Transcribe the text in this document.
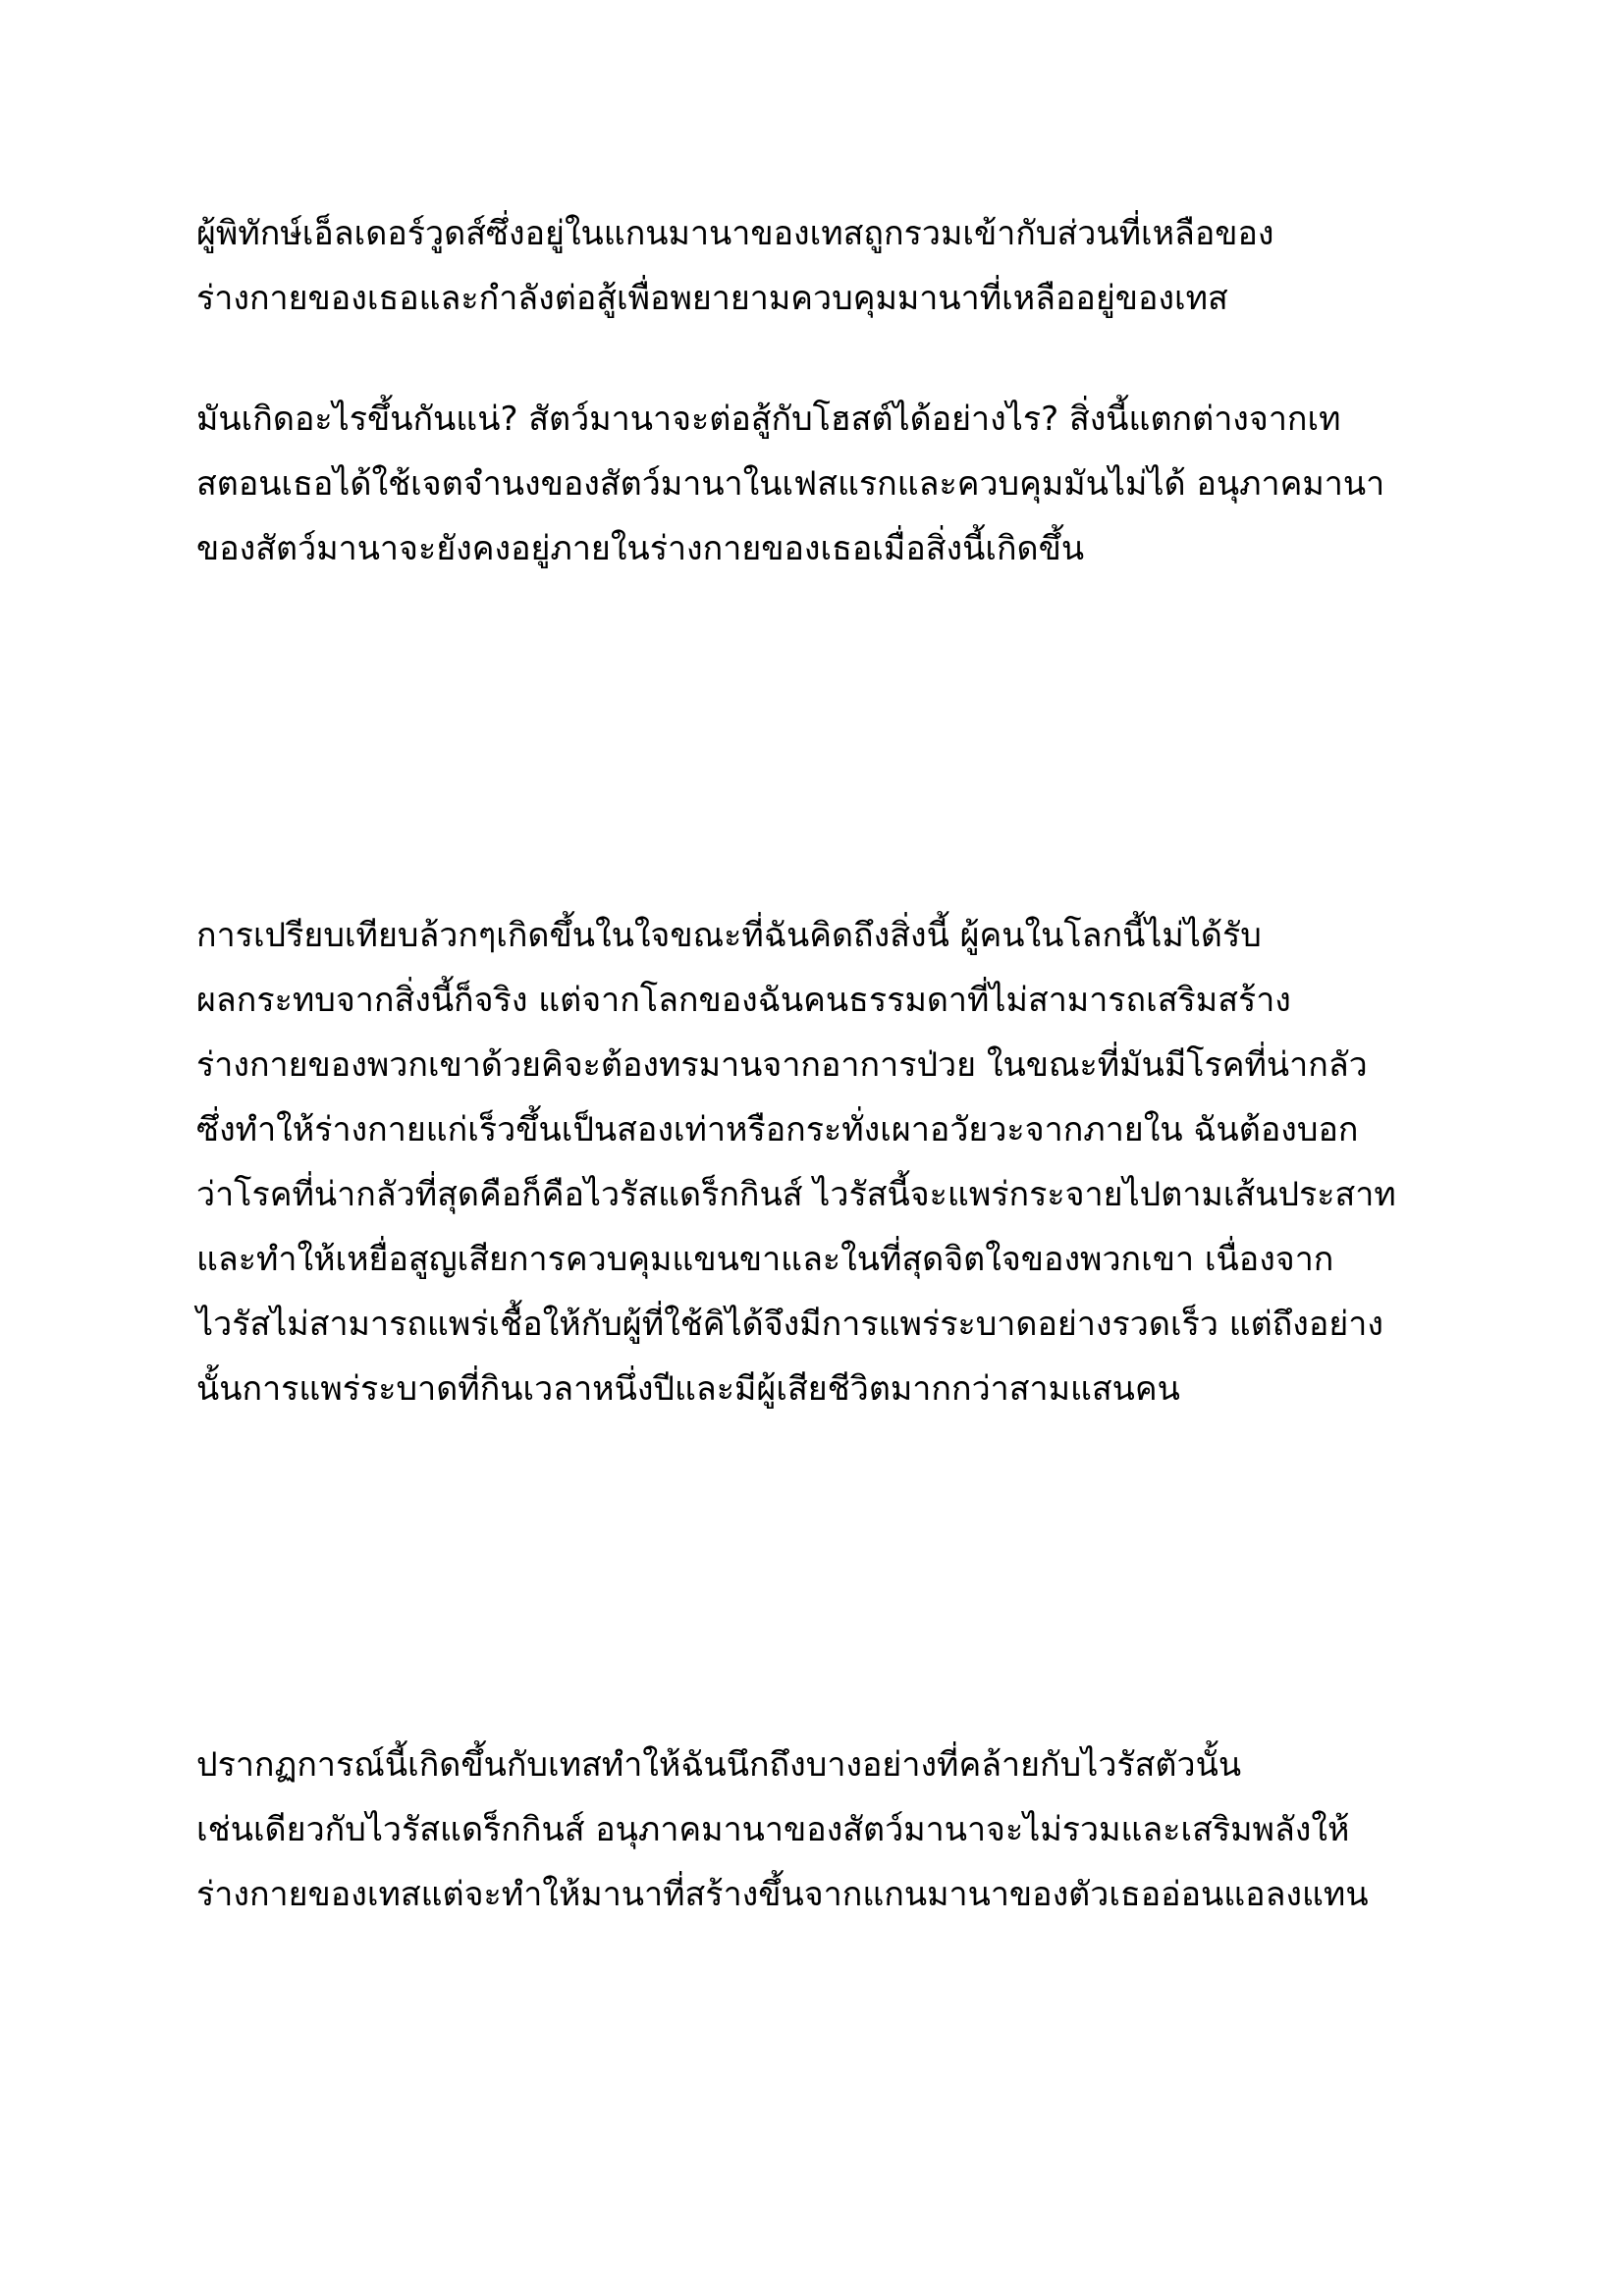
ผู้พิทักษ์เอ็ลเดอร์วูดส์ซึ่งอยู่ในแกนมานาของเทสถูกรวมเข้ากับส่วนที่เหลือของ
ร่างกายของเธอและกำลังต่อสู้เพื่อพยายามควบคุมมานาที่เหลืออยู่ของเทส
มันเกิดอะไรขึ้นกันแน่? สัตว์มานาจะต่อสู้กับโฮสต์ได้อย่างไร? สิ่งนี้แตกต่างจากเท
สตอนเธอได้ใช้เจตจำนงของสัตว์มานาในเฟสแรกและควบคุมมันไม่ได้ อนุภาคมานา
ของสัตว์มานาจะยังคงอยู่ภายในร่างกายของเธอเมื่อสิ่งนี้เกิดขึ้น
การเปรียบเทียบล้วกๆเกิดขึ้นในใจขณะที่ฉันคิดถึงสิ่งนี้ ผู้คนในโลกนี้ไม่ได้รับ
ผลกระทบจากสิ่งนี้ก็จริง แต่จากโลกของฉันคนธรรมดาที่ไม่สามารถเสริมสร้าง
ร่างกายของพวกเขาด้วยคิจะต้องทรมานจากอาการป่วย ในขณะที่มันมีโรคที่น่ากลัว
ซึ่งทำให้ร่างกายแก่เร็วขึ้นเป็นสองเท่าหรือกระทั่งเผาอวัยวะจากภายใน ฉันต้องบอก
ว่าโรคที่น่ากลัวที่สุดคือก็คือไวรัสแดร็กกินส์ ไวรัสนี้จะแพร่กระจายไปตามเส้นประสาท
และทำให้เหยื่อสูญเสียการควบคุมแขนขาและในที่สุดจิตใจของพวกเขา เนื่องจาก
ไวรัสไม่สามารถแพร่เชื้อให้กับผู้ที่ใช้คิได้จึงมีการแพร่ระบาดอย่างรวดเร็ว แต่ถึงอย่าง
นั้นการแพร่ระบาดที่กินเวลาหนึ่งปีและมีผู้เสียชีวิตมากกว่าสามแสนคน
ปรากฏการณ์นี้เกิดขึ้นกับเทสทำให้ฉันนึกถึงบางอย่างที่คล้ายกับไวรัสตัวนั้น
เช่นเดียวกับไวรัสแดร็กกินส์ อนุภาคมานาของสัตว์มานาจะไม่รวมและเสริมพลังให้
ร่างกายของเทสแต่จะทำให้มานาที่สร้างขึ้นจากแกนมานาของตัวเธออ่อนแอลงแทน
